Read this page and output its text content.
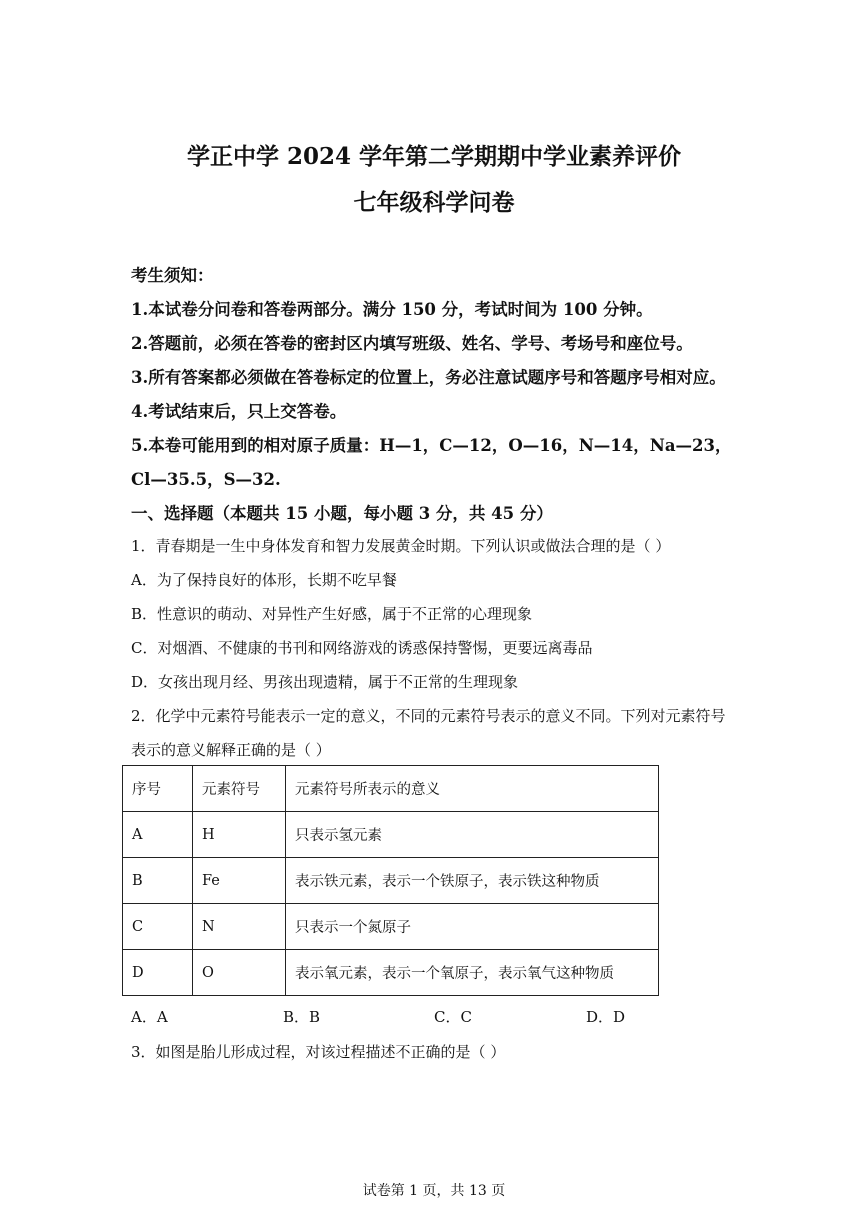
学正中学 2024 学年第二学期期中学业素养评价
七年级科学问卷
考生须知：
1.本试卷分问卷和答卷两部分。满分 150 分，考试时间为 100 分钟。
2.答题前，必须在答卷的密封区内填写班级、姓名、学号、考场号和座位号。
3.所有答案都必须做在答卷标定的位置上，务必注意试题序号和答题序号相对应。
4.考试结束后，只上交答卷。
5.本卷可能用到的相对原子质量：H—1，C—12，O—16，N—14，Na—23，
Cl—35.5，S—32.
一、选择题（本题共 15 小题，每小题 3 分，共 45 分）
1．青春期是一生中身体发育和智力发展黄金时期。下列认识或做法合理的是（ ）
A．为了保持良好的体形，长期不吃早餐
B．性意识的萌动、对异性产生好感，属于不正常的心理现象
C．对烟酒、不健康的书刊和网络游戏的诱惑保持警惕，更要远离毒品
D．女孩出现月经、男孩出现遗精，属于不正常的生理现象
2．化学中元素符号能表示一定的意义，不同的元素符号表示的意义不同。下列对元素符号
表示的意义解释正确的是（ ）
序号	元素符号	元素符号所表示的意义
A	H	只表示氢元素
B	Fe	表示铁元素，表示一个铁原子，表示铁这种物质
C	N	只表示一个氮原子
D	O	表示氧元素，表示一个氧原子，表示氧气这种物质
A．A	B．B	C．C	D．D
3．如图是胎儿形成过程，对该过程描述不正确的是（ ）
试卷第 1 页，共 13 页
